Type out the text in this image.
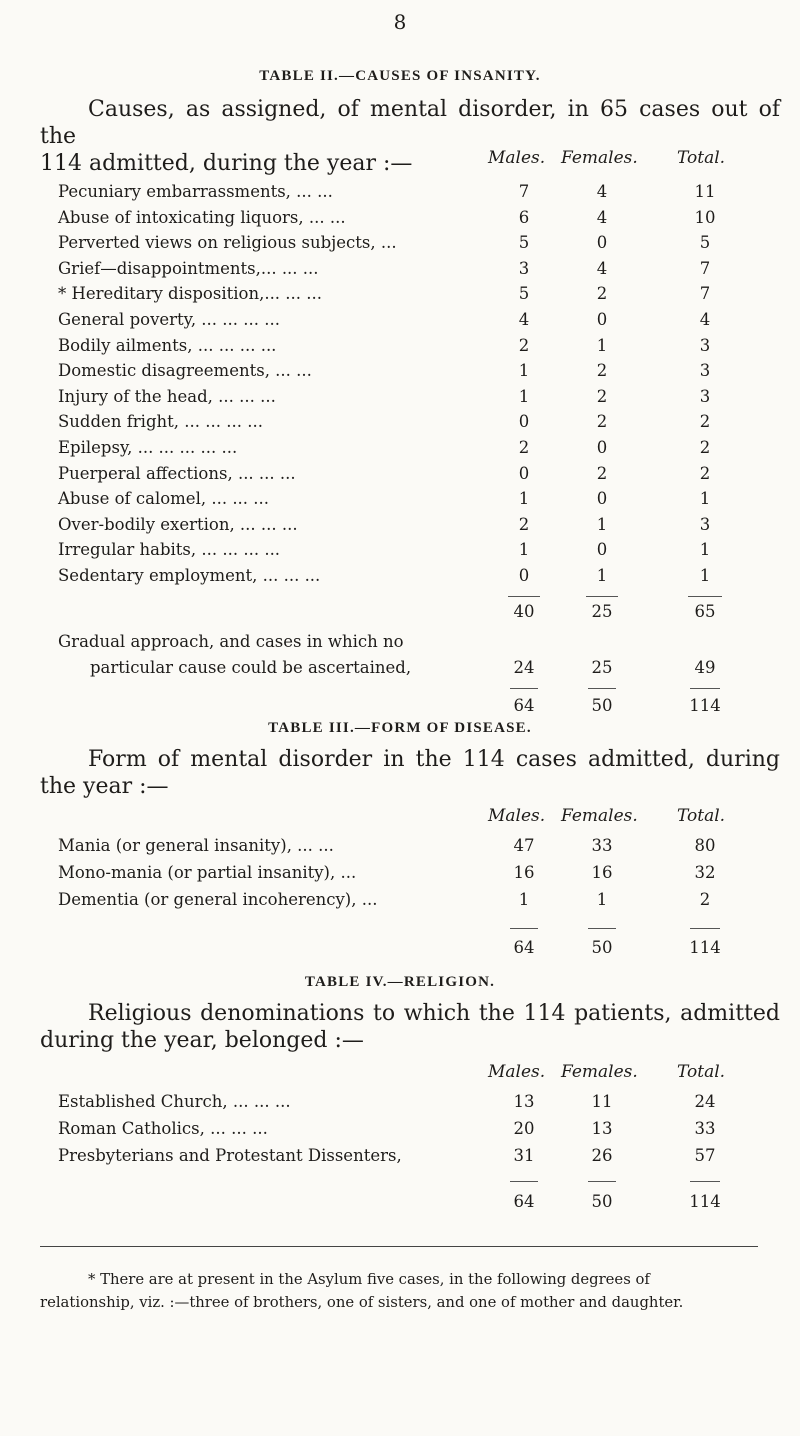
8
TABLE II.—CAUSES OF INSANITY.
Causes, as assigned, of mental disorder, in 65 cases out of the
114 admitted, during the year :—	Males. Females. Total.
Pecuniary embarrassments, ... ...	7	4	11
Abuse of intoxicating liquors, ... ...	6	4	10
Perverted views on religious subjects, ...	5	0	5
Grief—disappointments,... ... ...	3	4	7
* Hereditary disposition,... ... ...	5	2	7
General poverty, ... ... ... ...	4	0	4
Bodily ailments, ... ... ... ...	2	1	3
Domestic disagreements, ... ...	1	2	3
Injury of the head, ... ... ...	1	2	3
Sudden fright, ... ... ... ...	0	2	2
Epilepsy, ... ... ... ... ...	2	0	2
Puerperal affections, ... ... ...	0	2	2
Abuse of calomel, ... ... ...	1	0	1
Over-bodily exertion, ... ... ...	2	1	3
Irregular habits, ... ... ... ...	1	0	1
Sedentary employment, ... ... ...	0	1	1
40	25	65
Gradual approach, and cases in which no
particular cause could be ascertained,	24	25	49
64	50	114
TABLE III.—FORM OF DISEASE.
Form of mental disorder in the 114 cases admitted, during
the year :—
Males. Females. Total.
Mania (or general insanity), ... ...	47	33	80
Mono-mania (or partial insanity), ...	16	16	32
Dementia (or general incoherency), ...	1	1	2
64	50	114
TABLE IV.—RELIGION.
Religious denominations to which the 114 patients, admitted
during the year, belonged :—
Males. Females. Total.
Established Church, ... ... ...	13	11	24
Roman Catholics, ... ... ...	20	13	33
Presbyterians and Protestant Dissenters,	31	26	57
64	50	114
* There are at present in the Asylum five cases, in the following degrees of
relationship, viz. :—three of brothers, one of sisters, and one of mother and daughter.
